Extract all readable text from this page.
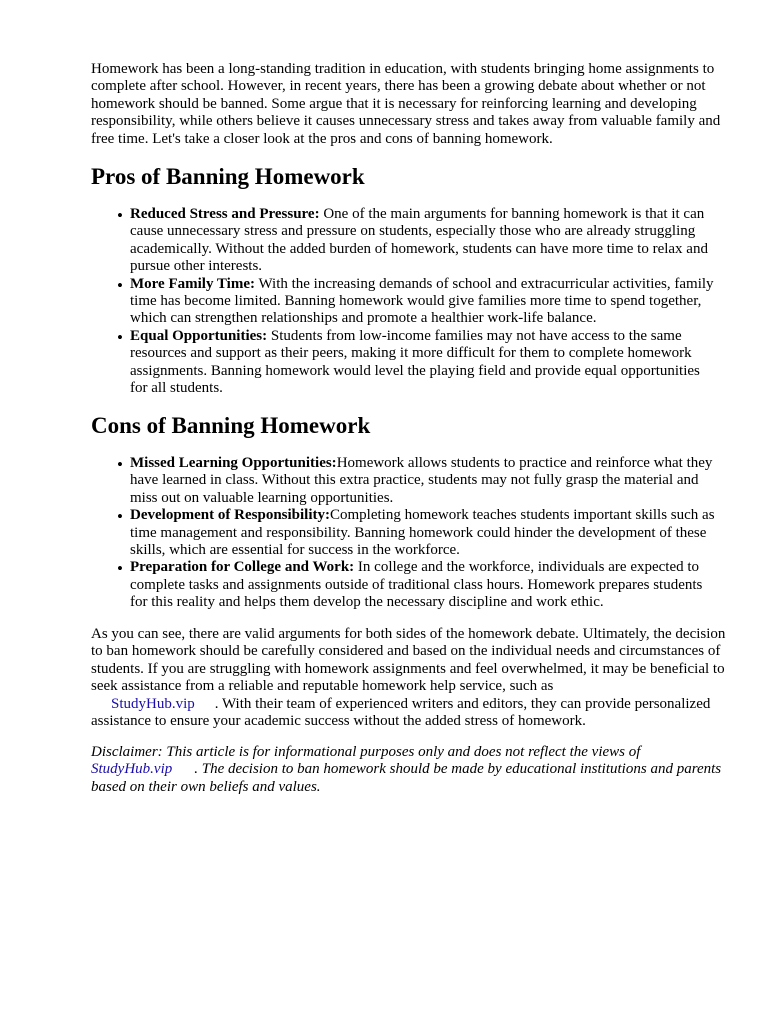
Homework has been a long-standing tradition in education, with students bringing home assignments to complete after school. However, in recent years, there has been a growing debate about whether or not homework should be banned. Some argue that it is necessary for reinforcing learning and developing responsibility, while others believe it causes unnecessary stress and takes away from valuable family and free time. Let's take a closer look at the pros and cons of banning homework.

Pros of Banning Homework
• Reduced Stress and Pressure: One of the main arguments for banning homework is that it can cause unnecessary stress and pressure on students, especially those who are already struggling academically. Without the added burden of homework, students can have more time to relax and pursue other interests.
• More Family Time: With the increasing demands of school and extracurricular activities, family time has become limited. Banning homework would give families more time to spend together, which can strengthen relationships and promote a healthier work-life balance.
• Equal Opportunities: Students from low-income families may not have access to the same resources and support as their peers, making it more difficult for them to complete homework assignments. Banning homework would level the playing field and provide equal opportunities for all students.
Cons of Banning Homework
• Missed Learning Opportunities:Homework allows students to practice and reinforce what they have learned in class. Without this extra practice, students may not fully grasp the material and miss out on valuable learning opportunities.
• Development of Responsibility:Completing homework teaches students important skills such as time management and responsibility. Banning homework could hinder the development of these skills, which are essential for success in the workforce.
• Preparation for College and Work: In college and the workforce, individuals are expected to complete tasks and assignments outside of traditional class hours. Homework prepares students for this reality and helps them develop the necessary discipline and work ethic.

As you can see, there are valid arguments for both sides of the homework debate. Ultimately, the decision to ban homework should be carefully considered and based on the individual needs and circumstances of students. If you are struggling with homework assignments and feel overwhelmed, it may be beneficial to seek assistance from a reliable and reputable homework help service, such as
StudyHub.vip . With their team of experienced writers and editors, they can provide personalized assistance to ensure your academic success without the added stress of homework.

Disclaimer: This article is for informational purposes only and does not reflect the views of
StudyHub.vip . The decision to ban homework should be made by educational institutions and parents based on their own beliefs and values.
